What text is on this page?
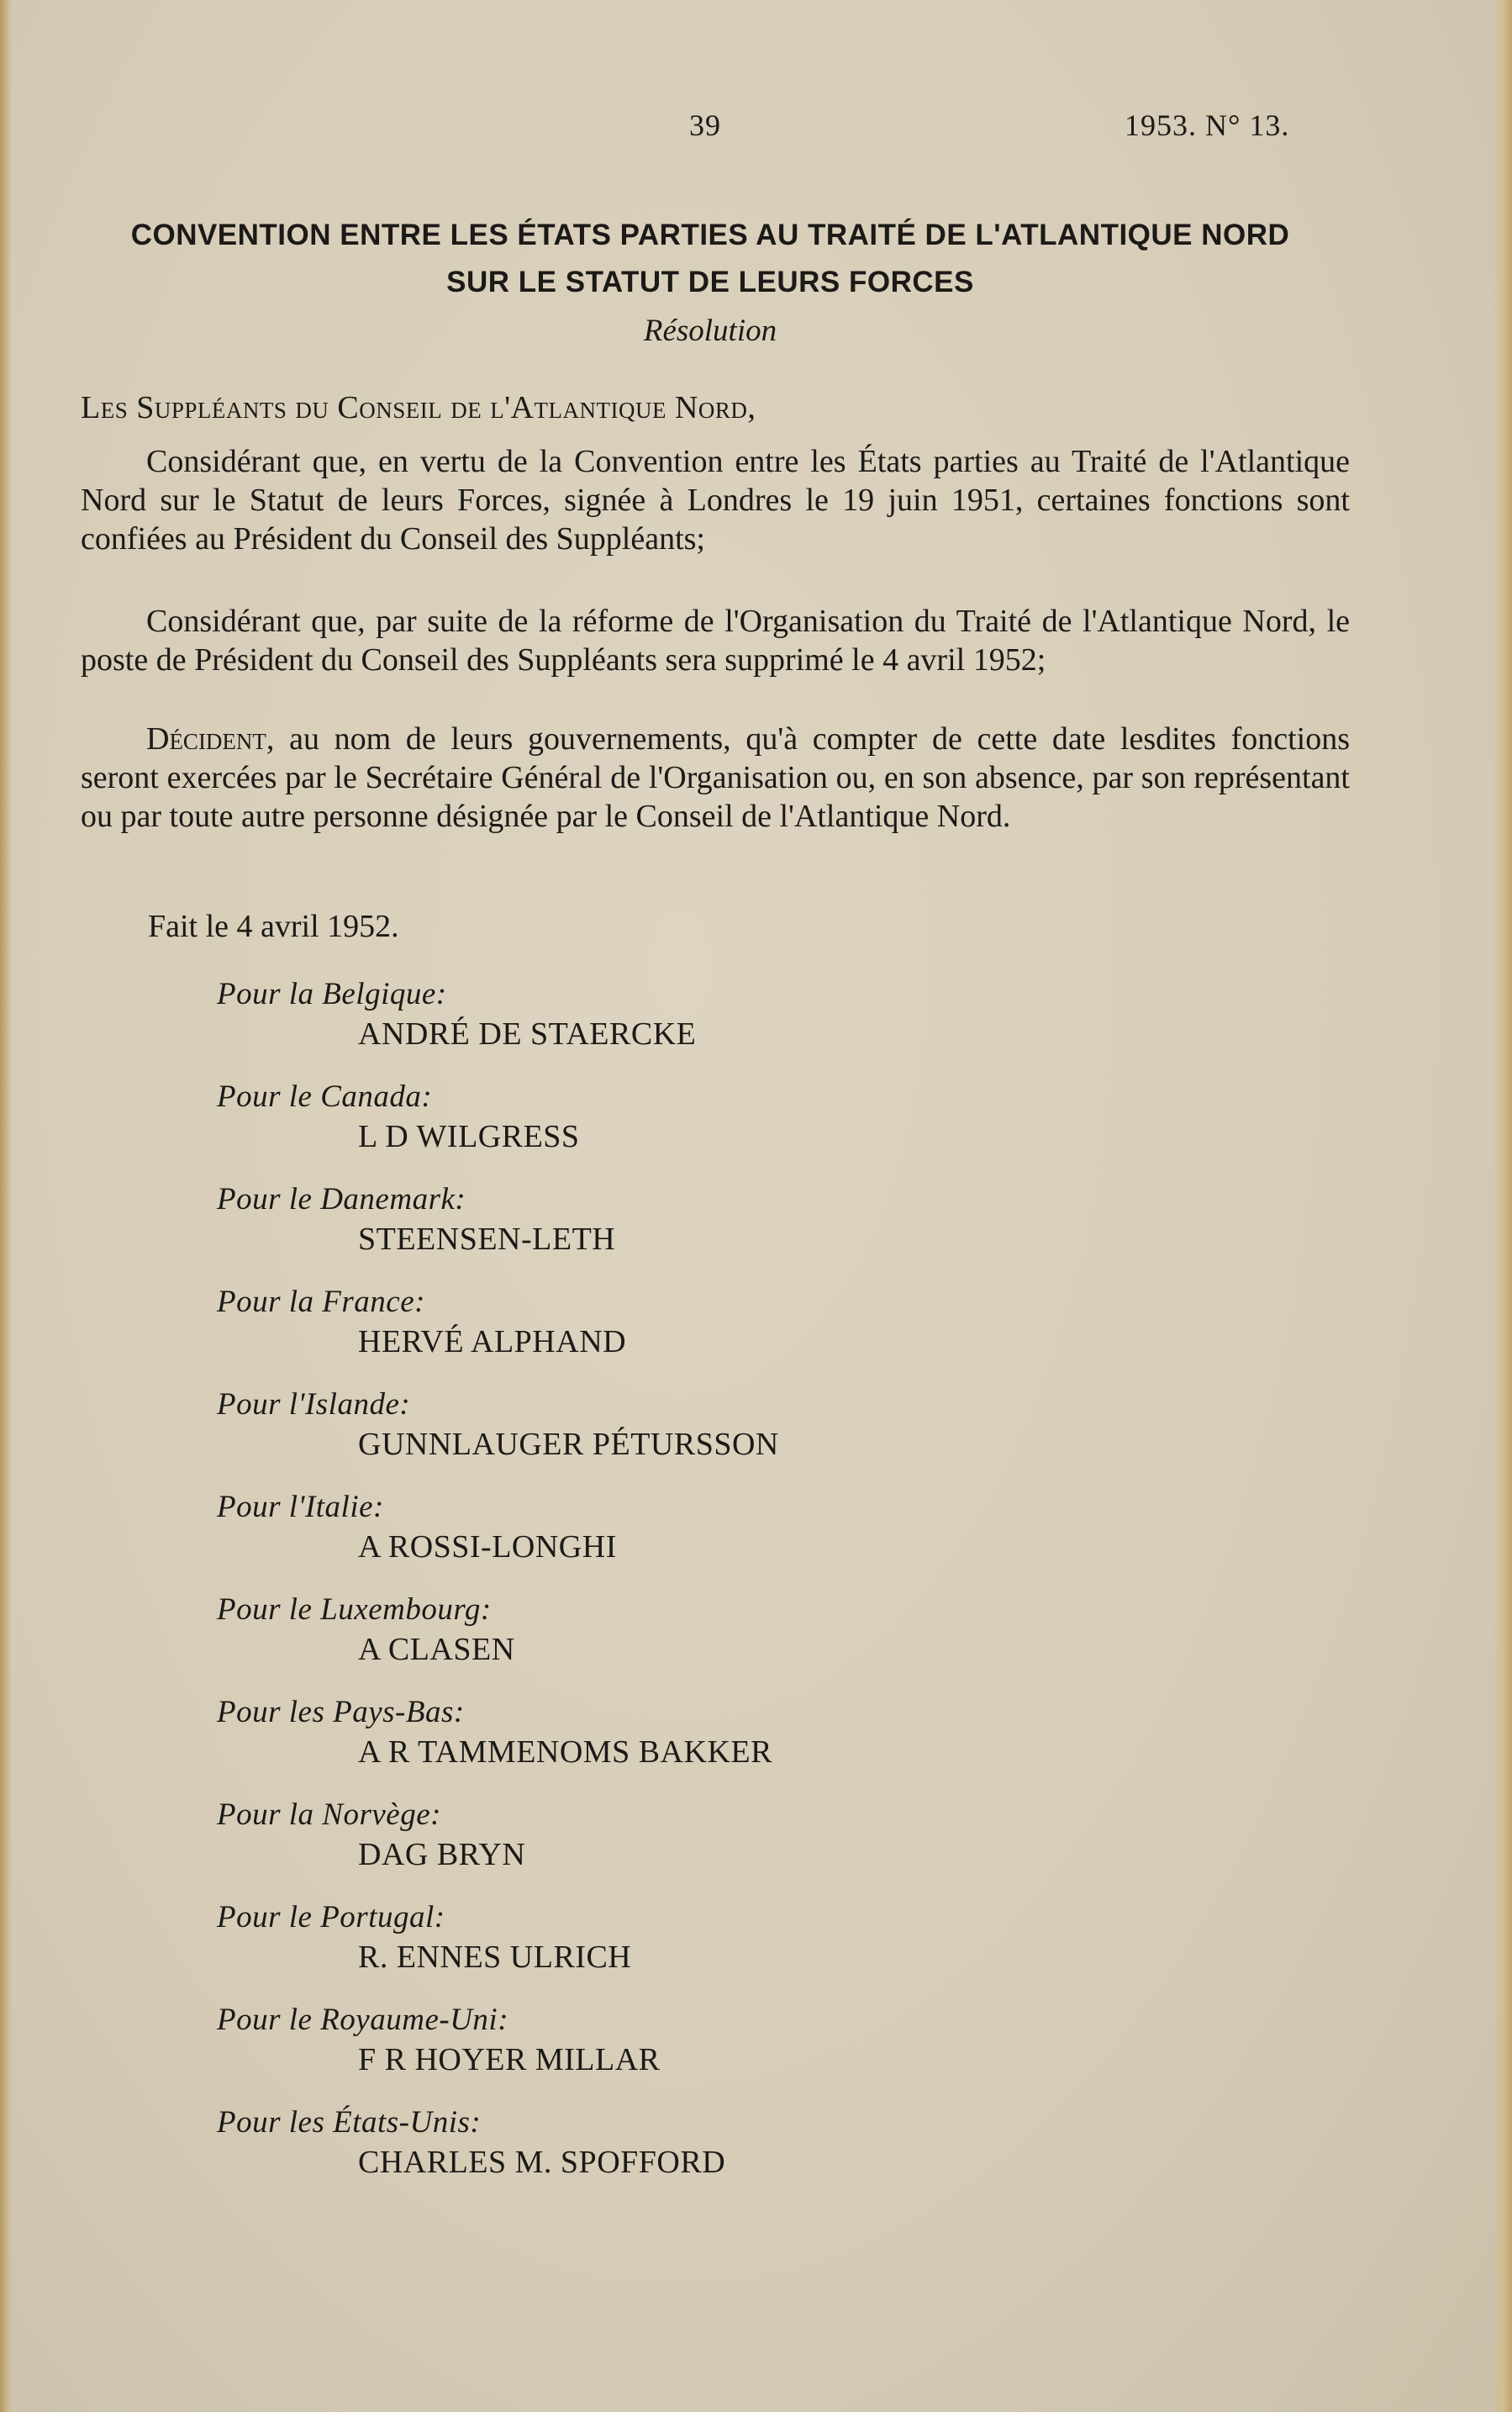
39	1953. N° 13.
CONVENTION ENTRE LES ÉTATS PARTIES AU TRAITÉ DE L'ATLANTIQUE NORD
SUR LE STATUT DE LEURS FORCES
Résolution
Les Suppléants du Conseil de l'Atlantique Nord,
Considérant que, en vertu de la Convention entre les États parties au Traité de l'Atlantique Nord sur le Statut de leurs Forces, signée à Londres le 19 juin 1951, certaines fonctions sont confiées au Président du Conseil des Suppléants;
Considérant que, par suite de la réforme de l'Organisation du Traité de l'Atlantique Nord, le poste de Président du Conseil des Suppléants sera supprimé le 4 avril 1952;
Décident, au nom de leurs gouvernements, qu'à compter de cette date lesdites fonctions seront exercées par le Secrétaire Général de l'Organisation ou, en son absence, par son représentant ou par toute autre personne désignée par le Conseil de l'Atlantique Nord.
Fait le 4 avril 1952.
Pour la Belgique:
ANDRÉ DE STAERCKE
Pour le Canada:
L D WILGRESS
Pour le Danemark:
STEENSEN-LETH
Pour la France:
HERVÉ ALPHAND
Pour l'Islande:
GUNNLAUGER PÉTURSSON
Pour l'Italie:
A ROSSI-LONGHI
Pour le Luxembourg:
A CLASEN
Pour les Pays-Bas:
A R TAMMENOMS BAKKER
Pour la Norvège:
DAG BRYN
Pour le Portugal:
R. ENNES ULRICH
Pour le Royaume-Uni:
F R HOYER MILLAR
Pour les États-Unis:
CHARLES M. SPOFFORD
